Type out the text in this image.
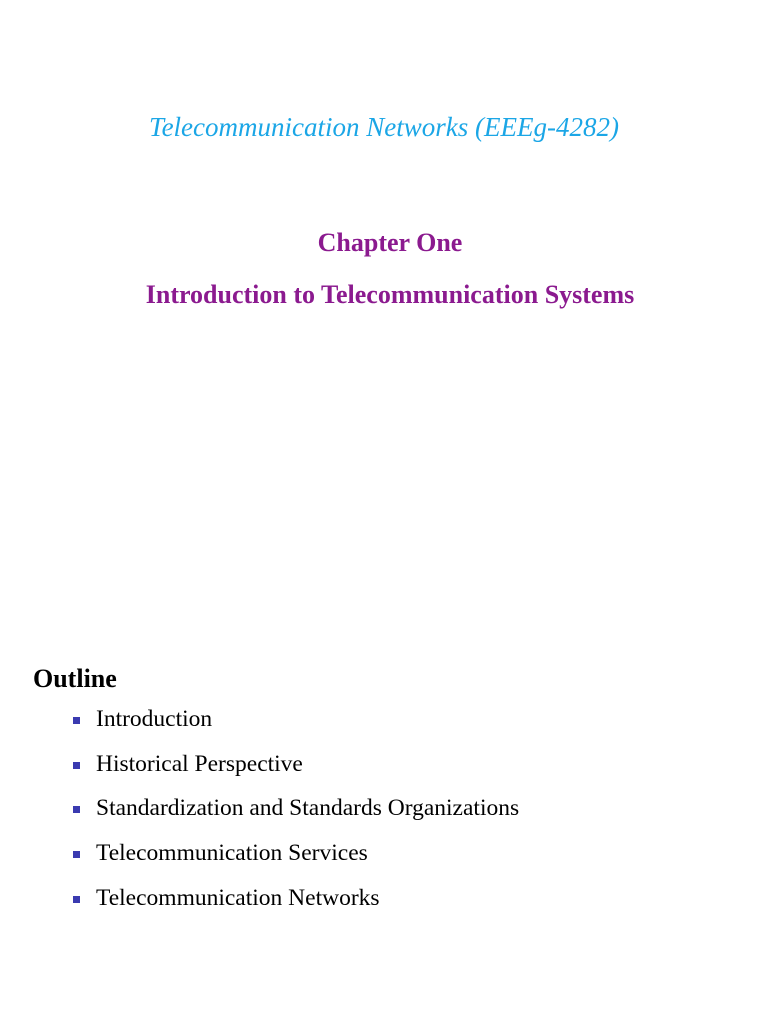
Telecommunication Networks (EEEg-4282)
Chapter One
Introduction to Telecommunication Systems
Outline
Introduction
Historical Perspective
Standardization and Standards Organizations
Telecommunication Services
Telecommunication Networks
